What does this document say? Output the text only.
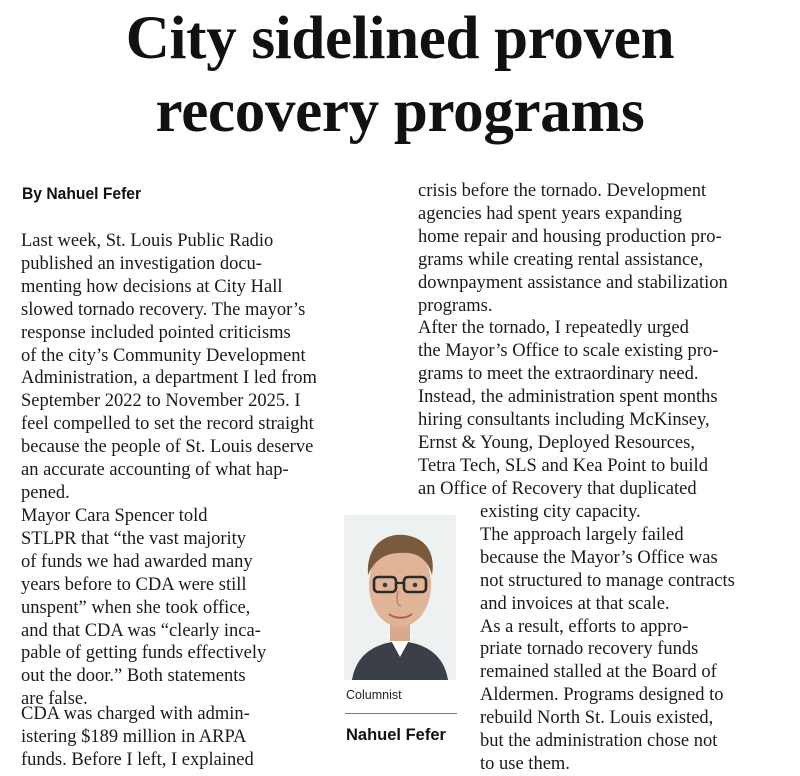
City sidelined proven
recovery programs
By Nahuel Fefer
Last week, St. Louis Public Radio
published an investigation docu-
menting how decisions at City Hall
slowed tornado recovery. The mayor’s
response included pointed criticisms
of the city’s Community Development
Administration, a department I led from
September 2022 to November 2025. I
feel compelled to set the record straight
because the people of St. Louis deserve
an accurate accounting of what hap-
pened.
Mayor Cara Spencer told
STLPR that “the vast majority
of funds we had awarded many
years before to CDA were still
unspent” when she took office,
and that CDA was “clearly inca-
pable of getting funds effectively
out the door.” Both statements
are false.
CDA was charged with admin-
istering $189 million in ARPA
funds. Before I left, I explained
crisis before the tornado. Development
agencies had spent years expanding
home repair and housing production pro-
grams while creating rental assistance,
downpayment assistance and stabilization
programs.
After the tornado, I repeatedly urged
the Mayor’s Office to scale existing pro-
grams to meet the extraordinary need.
Instead, the administration spent months
hiring consultants including McKinsey,
Ernst & Young, Deployed Resources,
Tetra Tech, SLS and Kea Point to build
an Office of Recovery that duplicated
existing city capacity.
The approach largely failed
because the Mayor’s Office was
not structured to manage contracts
and invoices at that scale.
As a result, efforts to appro-
priate tornado recovery funds
remained stalled at the Board of
Aldermen. Programs designed to
rebuild North St. Louis existed,
but the administration chose not
to use them.
Columnist
Nahuel Fefer
